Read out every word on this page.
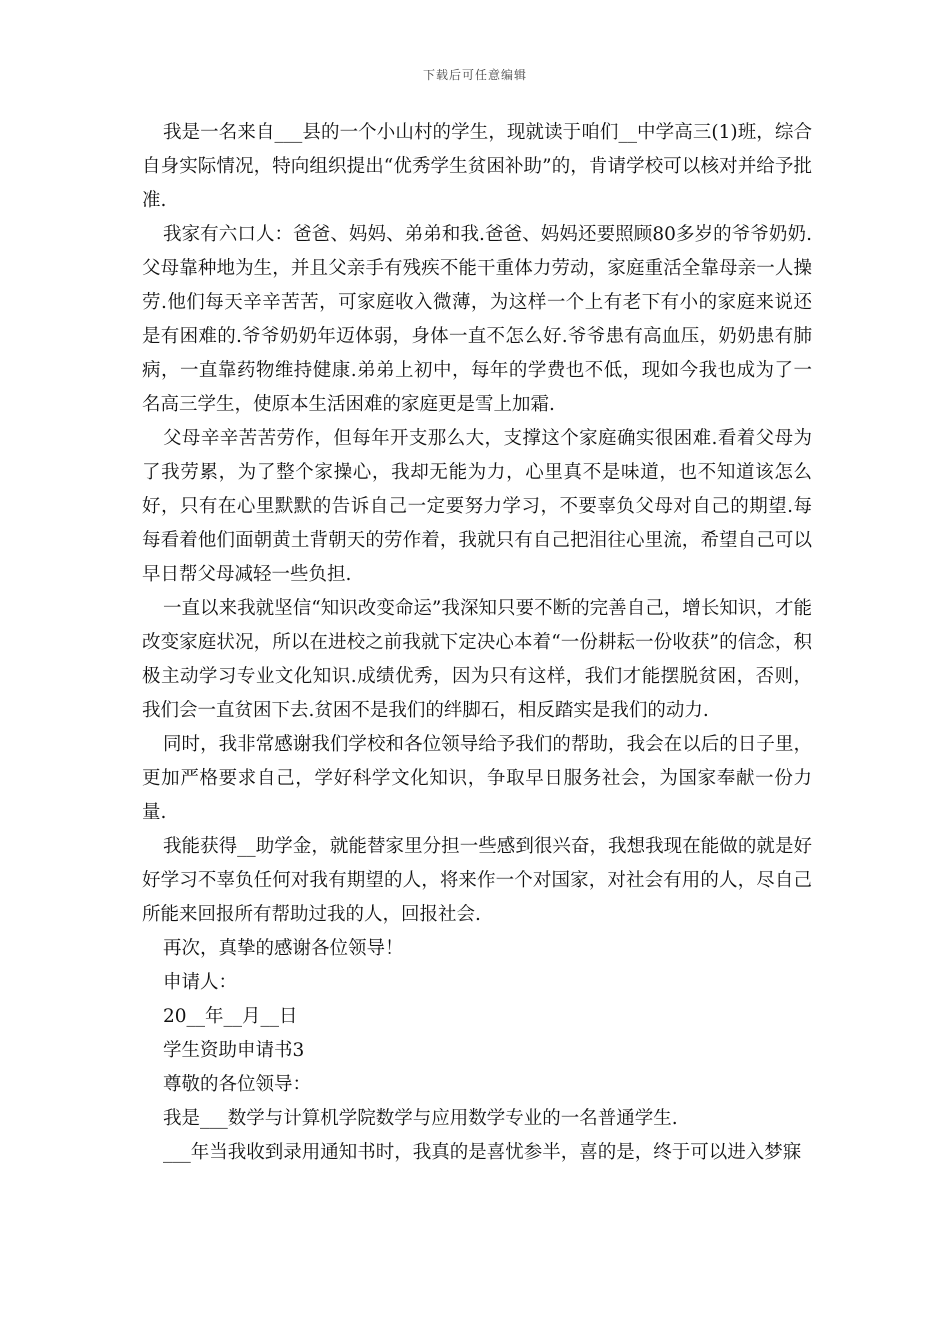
下载后可任意编辑

我是一名来自___县的一个小山村的学生，现就读于咱们__中学高三(1)班，综合自身实际情况，特向组织提出“优秀学生贫困补助”的，肯请学校可以核对并给予批准.

我家有六口人：爸爸、妈妈、弟弟和我.爸爸、妈妈还要照顾80多岁的爷爷奶奶.父母靠种地为生，并且父亲手有残疾不能干重体力劳动，家庭重活全靠母亲一人操劳.他们每天辛辛苦苦，可家庭收入微薄，为这样一个上有老下有小的家庭来说还是有困难的.爷爷奶奶年迈体弱，身体一直不怎么好.爷爷患有高血压，奶奶患有肺病，一直靠药物维持健康.弟弟上初中，每年的学费也不低，现如今我也成为了一名高三学生，使原本生活困难的家庭更是雪上加霜.

父母辛辛苦苦劳作，但每年开支那么大，支撑这个家庭确实很困难.看着父母为了我劳累，为了整个家操心，我却无能为力，心里真不是味道，也不知道该怎么好，只有在心里默默的告诉自己一定要努力学习，不要辜负父母对自己的期望.每每看着他们面朝黄土背朝天的劳作着，我就只有自己把泪往心里流，希望自己可以早日帮父母减轻一些负担.

一直以来我就坚信“知识改变命运”我深知只要不断的完善自己，增长知识，才能改变家庭状况，所以在进校之前我就下定决心本着“一份耕耘一份收获”的信念，积极主动学习专业文化知识.成绩优秀，因为只有这样，我们才能摆脱贫困，否则，我们会一直贫困下去.贫困不是我们的绊脚石，相反踏实是我们的动力.

同时，我非常感谢我们学校和各位领导给予我们的帮助，我会在以后的日子里，更加严格要求自己，学好科学文化知识，争取早日服务社会，为国家奉献一份力量.

我能获得__助学金，就能替家里分担一些感到很兴奋，我想我现在能做的就是好好学习不辜负任何对我有期望的人，将来作一个对国家，对社会有用的人，尽自己所能来回报所有帮助过我的人，回报社会.

再次，真挚的感谢各位领导！

申请人：

20__年__月__日

学生资助申请书3

尊敬的各位领导：

我是___数学与计算机学院数学与应用数学专业的一名普通学生.

___年当我收到录用通知书时，我真的是喜忧参半，喜的是，终于可以进入梦寐
